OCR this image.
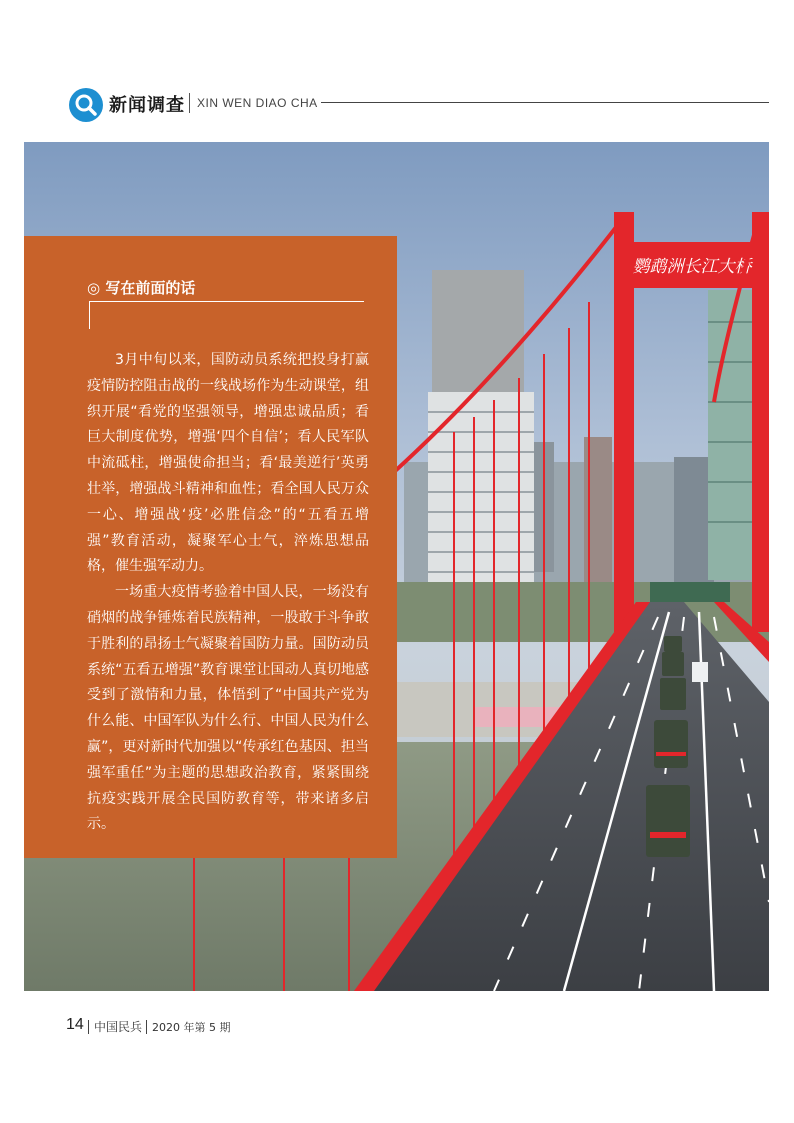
新闻调查 XIN WEN DIAO CHA
鹦鹉洲长江大桥
◎ 写在前面的话

3月中旬以来，国防动员系统把投身打赢疫情防控阻击战的一线战场作为生动课堂，组织开展“看党的坚强领导，增强忠诚品质；看巨大制度优势，增强‘四个自信’；看人民军队中流砥柱，增强使命担当；看‘最美逆行’英勇壮举，增强战斗精神和血性；看全国人民万众一心、增强战‘疫’必胜信念”的“五看五增强”教育活动，凝聚军心士气，淬炼思想品格，催生强军动力。

一场重大疫情考验着中国人民，一场没有硝烟的战争锤炼着民族精神，一股敢于斗争敢于胜利的昂扬士气凝聚着国防力量。国防动员系统“五看五增强”教育课堂让国动人真切地感受到了激情和力量，体悟到了“中国共产党为什么能、中国军队为什么行、中国人民为什么赢”，更对新时代加强以“传承红色基因、担当强军重任”为主题的思想政治教育，紧紧围绕抗疫实践开展全民国防教育等，带来诸多启示。

14 中国民兵 2020 年第 5 期
